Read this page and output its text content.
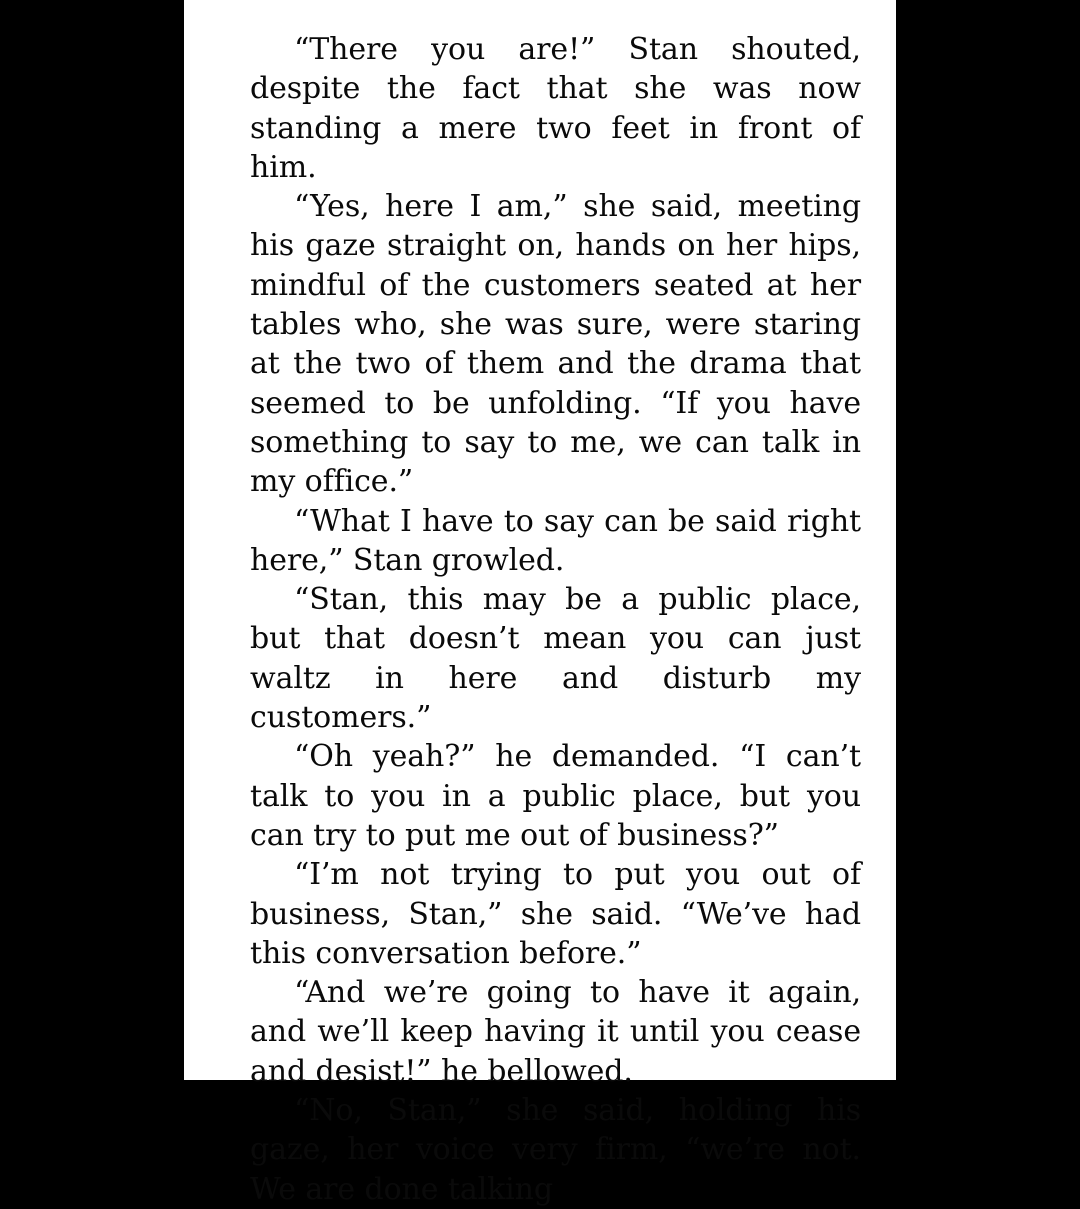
“There you are!” Stan shouted, despite the fact that she was now standing a mere two feet in front of him.

“Yes, here I am,” she said, meeting his gaze straight on, hands on her hips, mindful of the customers seated at her tables who, she was sure, were staring at the two of them and the drama that seemed to be unfolding. “If you have something to say to me, we can talk in my office.”

“What I have to say can be said right here,” Stan growled.

“Stan, this may be a public place, but that doesn’t mean you can just waltz in here and disturb my customers.”

“Oh yeah?” he demanded. “I can’t talk to you in a public place, but you can try to put me out of business?”

“I’m not trying to put you out of business, Stan,” she said. “We’ve had this conversation before.”

“And we’re going to have it again, and we’ll keep having it until you cease and desist!” he bellowed.

“No, Stan,” she said, holding his gaze, her voice very firm, “we’re not. We are done talking
